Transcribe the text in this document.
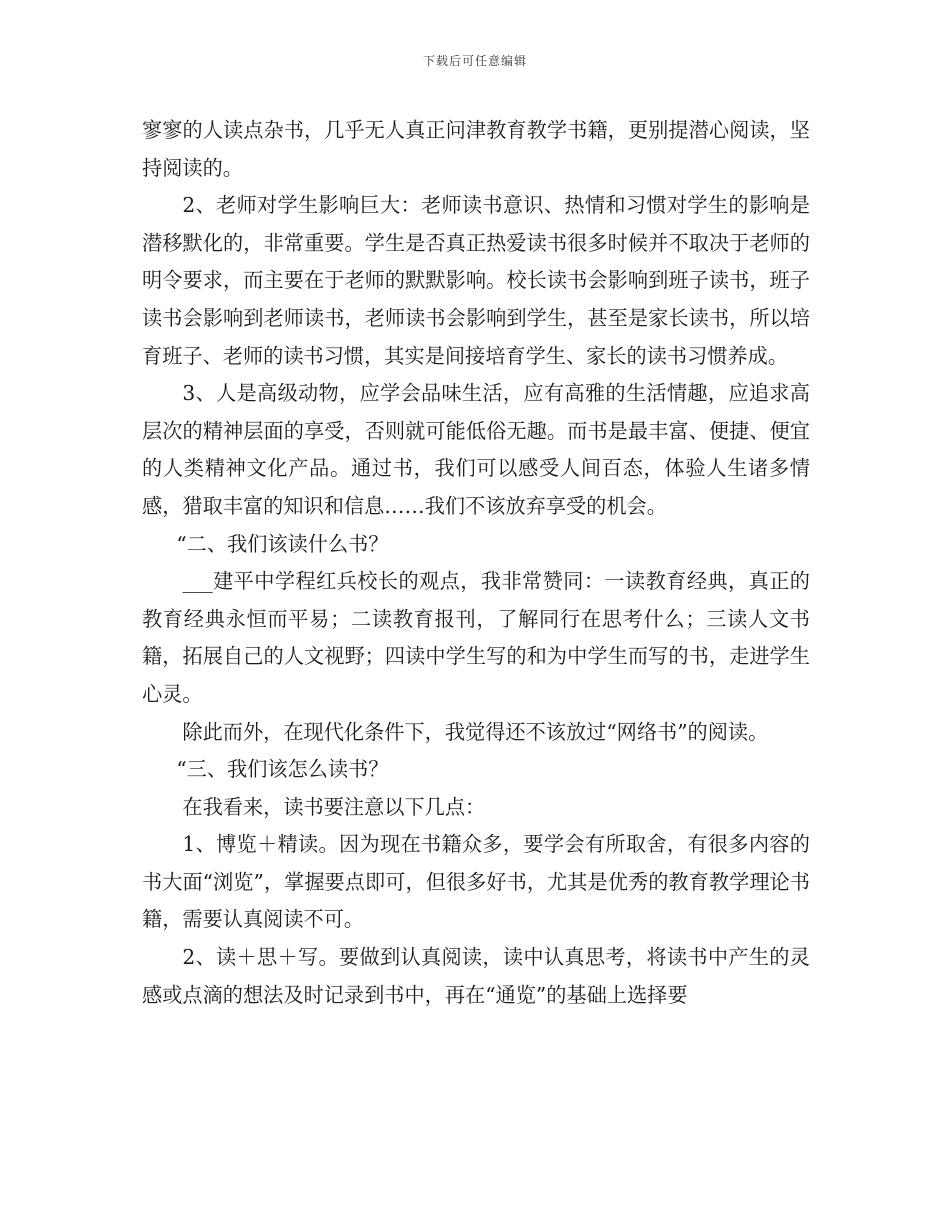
下载后可任意编辑

寥寥的人读点杂书，几乎无人真正问津教育教学书籍，更别提潜心阅读，坚持阅读的。

2、老师对学生影响巨大：老师读书意识、热情和习惯对学生的影响是潜移默化的，非常重要。学生是否真正热爱读书很多时候并不取决于老师的明令要求，而主要在于老师的默默影响。校长读书会影响到班子读书，班子读书会影响到老师读书，老师读书会影响到学生，甚至是家长读书，所以培育班子、老师的读书习惯，其实是间接培育学生、家长的读书习惯养成。

3、人是高级动物，应学会品味生活，应有高雅的生活情趣，应追求高层次的精神层面的享受，否则就可能低俗无趣。而书是最丰富、便捷、便宜的人类精神文化产品。通过书，我们可以感受人间百态，体验人生诸多情感，猎取丰富的知识和信息……我们不该放弃享受的机会。

“二、我们该读什么书？

___建平中学程红兵校长的观点，我非常赞同：一读教育经典，真正的教育经典永恒而平易；二读教育报刊，了解同行在思考什么；三读人文书籍，拓展自己的人文视野；四读中学生写的和为中学生而写的书，走进学生心灵。

除此而外，在现代化条件下，我觉得还不该放过“网络书”的阅读。

“三、我们该怎么读书？

在我看来，读书要注意以下几点：

1、博览＋精读。因为现在书籍众多，要学会有所取舍，有很多内容的书大面“浏览”，掌握要点即可，但很多好书，尤其是优秀的教育教学理论书籍，需要认真阅读不可。

2、读＋思＋写。要做到认真阅读，读中认真思考，将读书中产生的灵感或点滴的想法及时记录到书中，再在“通览”的基础上选择要
